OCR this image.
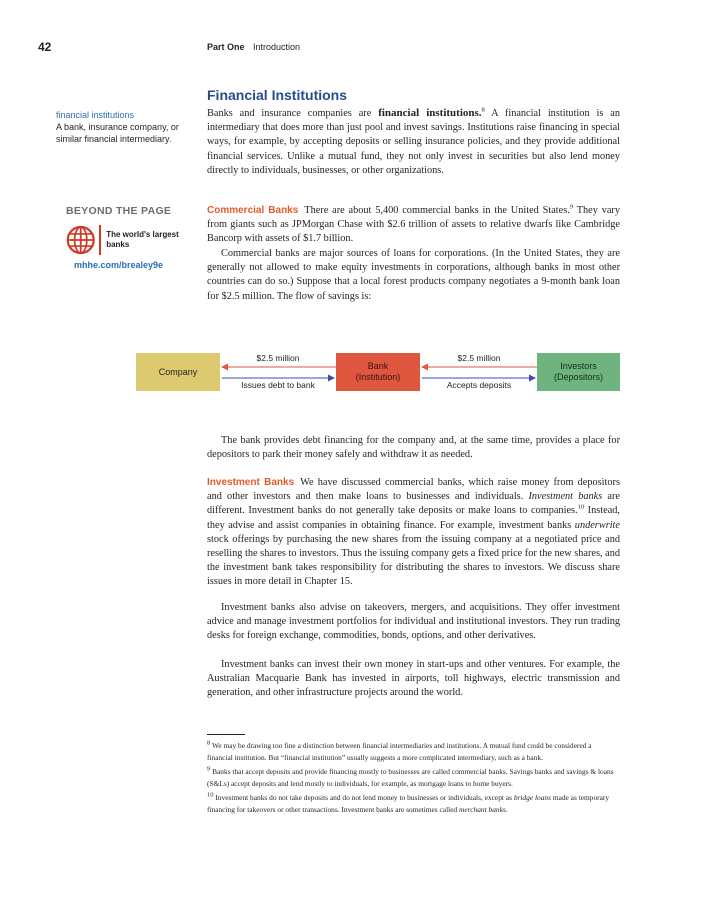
42	Part One Introduction
Financial Institutions
financial institutions
A bank, insurance company, or similar financial intermediary.
BEYOND THE PAGE
The world's largest banks
mhhe.com/brealey9e

Banks and insurance companies are financial institutions.$^8$ A financial institution is an intermediary that does more than just pool and invest savings. Institutions raise financing in special ways, for example, by accepting deposits or selling insurance policies, and they provide additional financial services. Unlike a mutual fund, they not only invest in securities but also lend money directly to individuals, businesses, or other organizations.

Commercial Banks There are about 5,400 commercial banks in the United States.$^9$ They vary from giants such as JPMorgan Chase with $2.6 trillion of assets to relative dwarfs like Cambridge Bancorp with assets of $1.7 billion.

Commercial banks are major sources of loans for corporations. (In the United States, they are generally not allowed to make equity investments in corporations, although banks in most other countries can do so.) Suppose that a local forest products company negotiates a 9-month bank loan for $2.5 million. The flow of savings is:

Company
Bank
(Institution)
Investors
(Depositors)
$2.5 million	$2.5 million
Issues debt to bank	Accepts deposits

The bank provides debt financing for the company and, at the same time, provides a place for depositors to park their money safely and withdraw it as needed.

Investment Banks We have discussed commercial banks, which raise money from depositors and other investors and then make loans to businesses and individuals. Investment banks are different. Investment banks do not generally take deposits or make loans to companies.$^{10}$ Instead, they advise and assist companies in obtaining finance. For example, investment banks underwrite stock offerings by purchasing the new shares from the issuing company at a negotiated price and reselling the shares to investors. Thus the issuing company gets a fixed price for the new shares, and the investment bank takes responsibility for distributing the shares to investors. We discuss share issues in more detail in Chapter 15.

Investment banks also advise on takeovers, mergers, and acquisitions. They offer investment advice and manage investment portfolios for individual and institutional investors. They run trading desks for foreign exchange, commodities, bonds, options, and other derivatives.

Investment banks can invest their own money in start-ups and other ventures. For example, the Australian Macquarie Bank has invested in airports, toll highways, electric transmission and generation, and other infrastructure projects around the world.

$^8$ We may be drawing too fine a distinction between financial intermediaries and institutions. A mutual fund could be considered a financial institution. But “financial institution” usually suggests a more complicated intermediary, such as a bank.

$^9$ Banks that accept deposits and provide financing mostly to businesses are called commercial banks. Savings banks and savings & loans (S&Ls) accept deposits and lend mostly to individuals, for example, as mortgage loans to home buyers.

$^{10}$ Investment banks do not take deposits and do not lend money to businesses or individuals, except as bridge loans made as temporary financing for takeovers or other transactions. Investment banks are sometimes called merchant banks.
